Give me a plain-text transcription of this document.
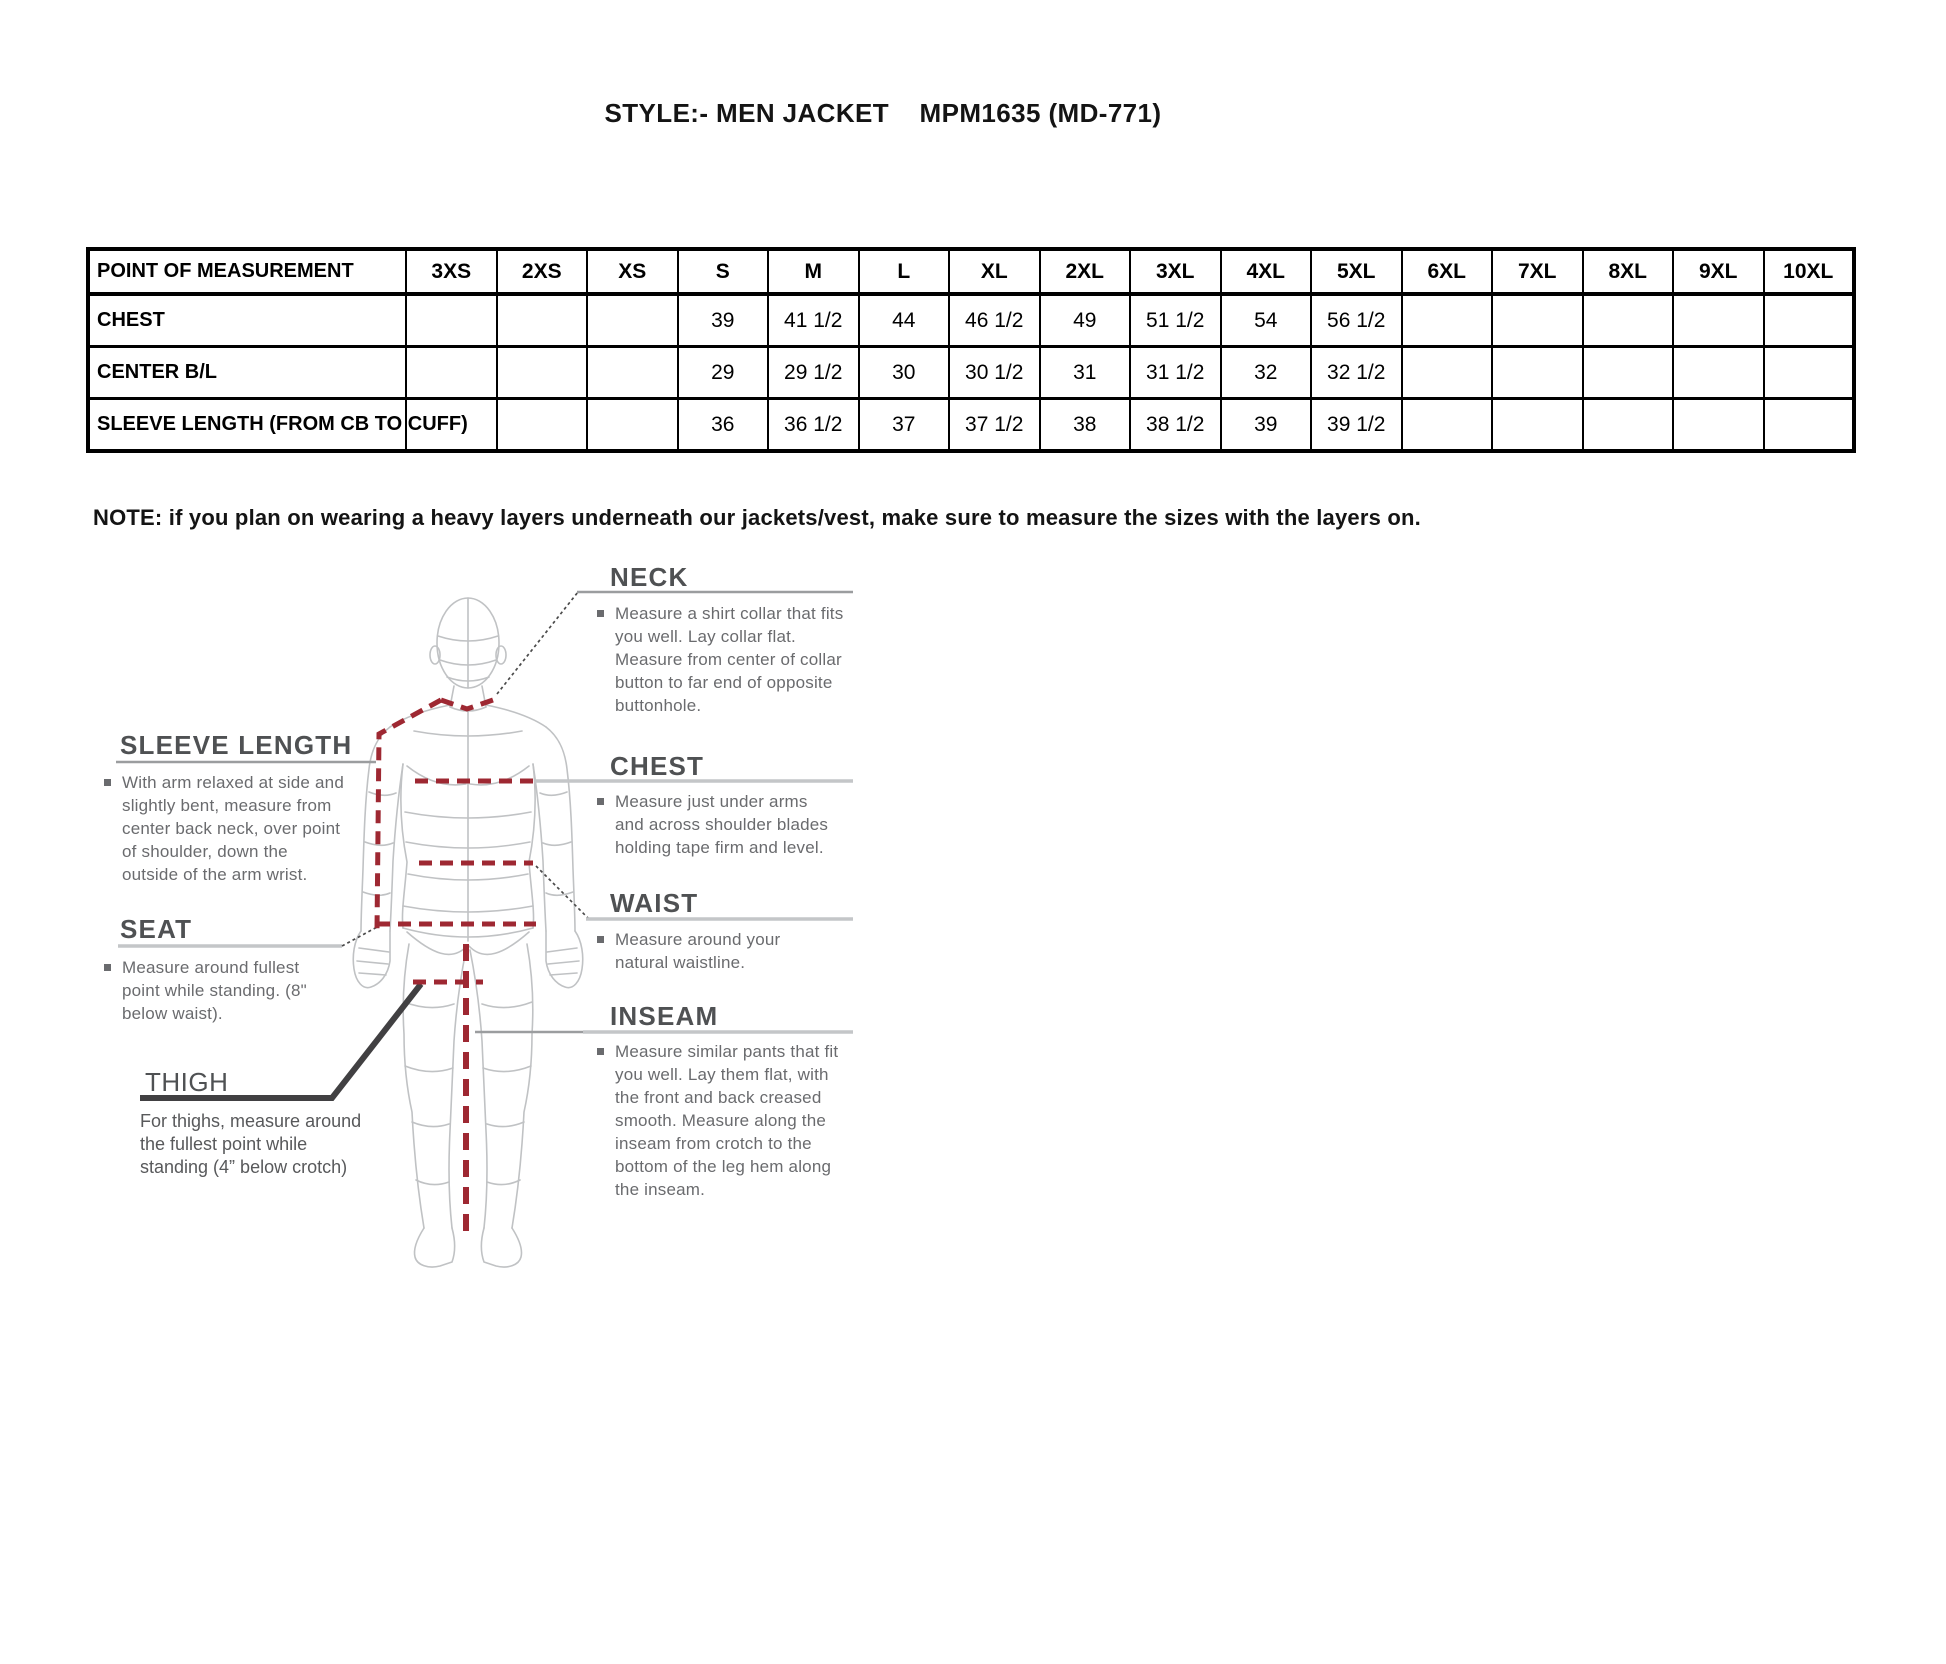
STYLE:- MEN JACKET    MPM1635 (MD-771)
POINT OF MEASUREMENT	3XS	2XS	XS	S	M	L	XL	2XL	3XL	4XL	5XL	6XL	7XL	8XL	9XL	10XL
CHEST				39	41 1/2	44	46 1/2	49	51 1/2	54	56 1/2					
CENTER B/L				29	29 1/2	30	30 1/2	31	31 1/2	32	32 1/2					
SLEEVE LENGTH (FROM CB TO CUFF)				36	36 1/2	37	37 1/2	38	38 1/2	39	39 1/2					
NOTE: if you plan on wearing a heavy layers underneath our jackets/vest, make sure to measure the sizes with the layers on.
NECK
Measure a shirt collar that fits you well. Lay collar flat. Measure from center of collar button to far end of opposite buttonhole.
SLEEVE LENGTH
With arm relaxed at side and slightly bent, measure from center back neck, over point of shoulder, down the outside of the arm wrist.
CHEST
Measure just under arms and across shoulder blades holding tape firm and level.
WAIST
Measure around your natural waistline.
SEAT
Measure around fullest point while standing. (8" below waist).	INSEAM
Measure similar pants that fit you well. Lay them flat, with the front and back creased smooth. Measure along the inseam from crotch to the bottom of the leg hem along the inseam.
THIGH
For thighs, measure around the fullest point while standing (4” below crotch)
